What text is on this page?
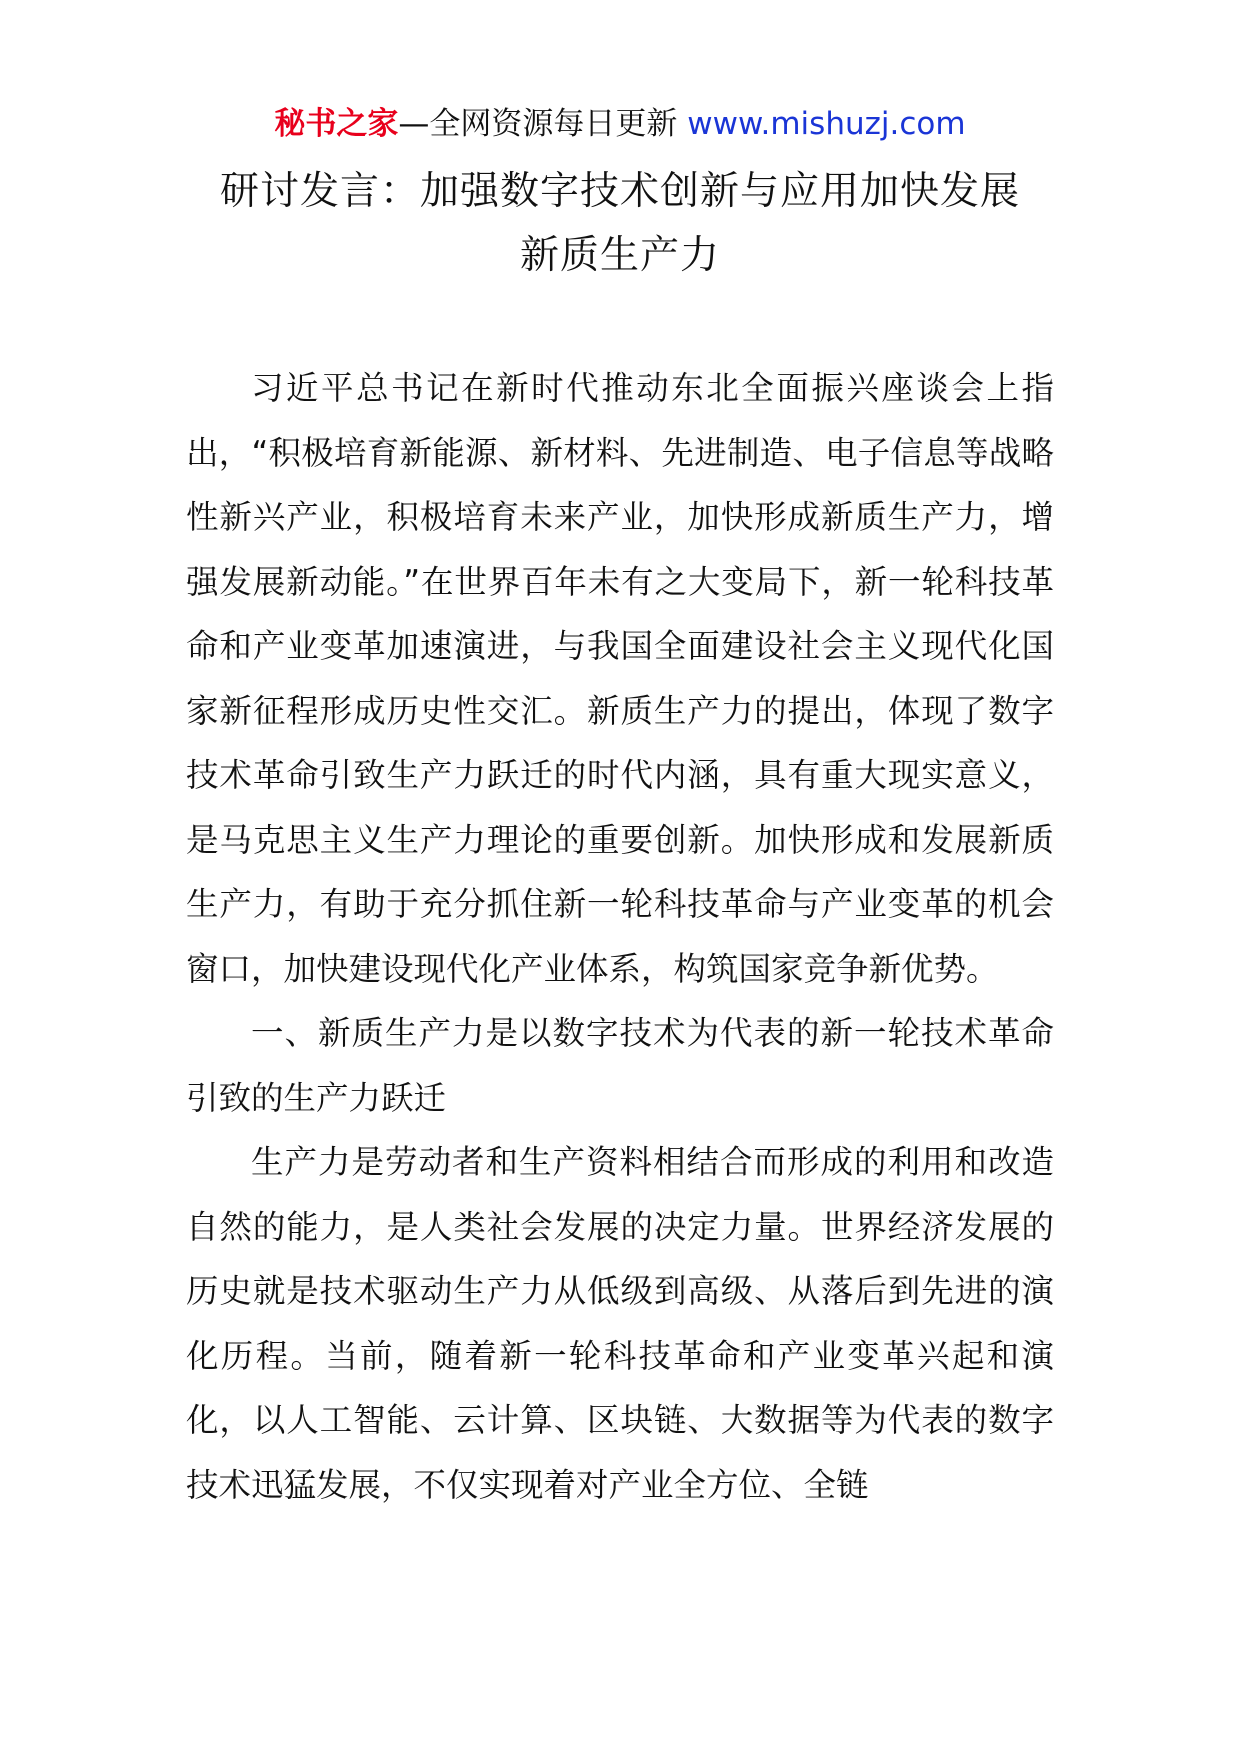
秘书之家—全网资源每日更新 www.mishuzj.com
研讨发言：加强数字技术创新与应用加快发展
新质生产力

习近平总书记在新时代推动东北全面振兴座谈会上指出，“积极培育新能源、新材料、先进制造、电子信息等战略性新兴产业，积极培育未来产业，加快形成新质生产力，增强发展新动能。”在世界百年未有之大变局下，新一轮科技革命和产业变革加速演进，与我国全面建设社会主义现代化国家新征程形成历史性交汇。新质生产力的提出，体现了数字技术革命引致生产力跃迁的时代内涵，具有重大现实意义，是马克思主义生产力理论的重要创新。加快形成和发展新质生产力，有助于充分抓住新一轮科技革命与产业变革的机会窗口，加快建设现代化产业体系，构筑国家竞争新优势。

一、新质生产力是以数字技术为代表的新一轮技术革命引致的生产力跃迁

生产力是劳动者和生产资料相结合而形成的利用和改造自然的能力，是人类社会发展的决定力量。世界经济发展的历史就是技术驱动生产力从低级到高级、从落后到先进的演化历程。当前，随着新一轮科技革命和产业变革兴起和演化，以人工智能、云计算、区块链、大数据等为代表的数字技术迅猛发展，不仅实现着对产业全方位、全链
